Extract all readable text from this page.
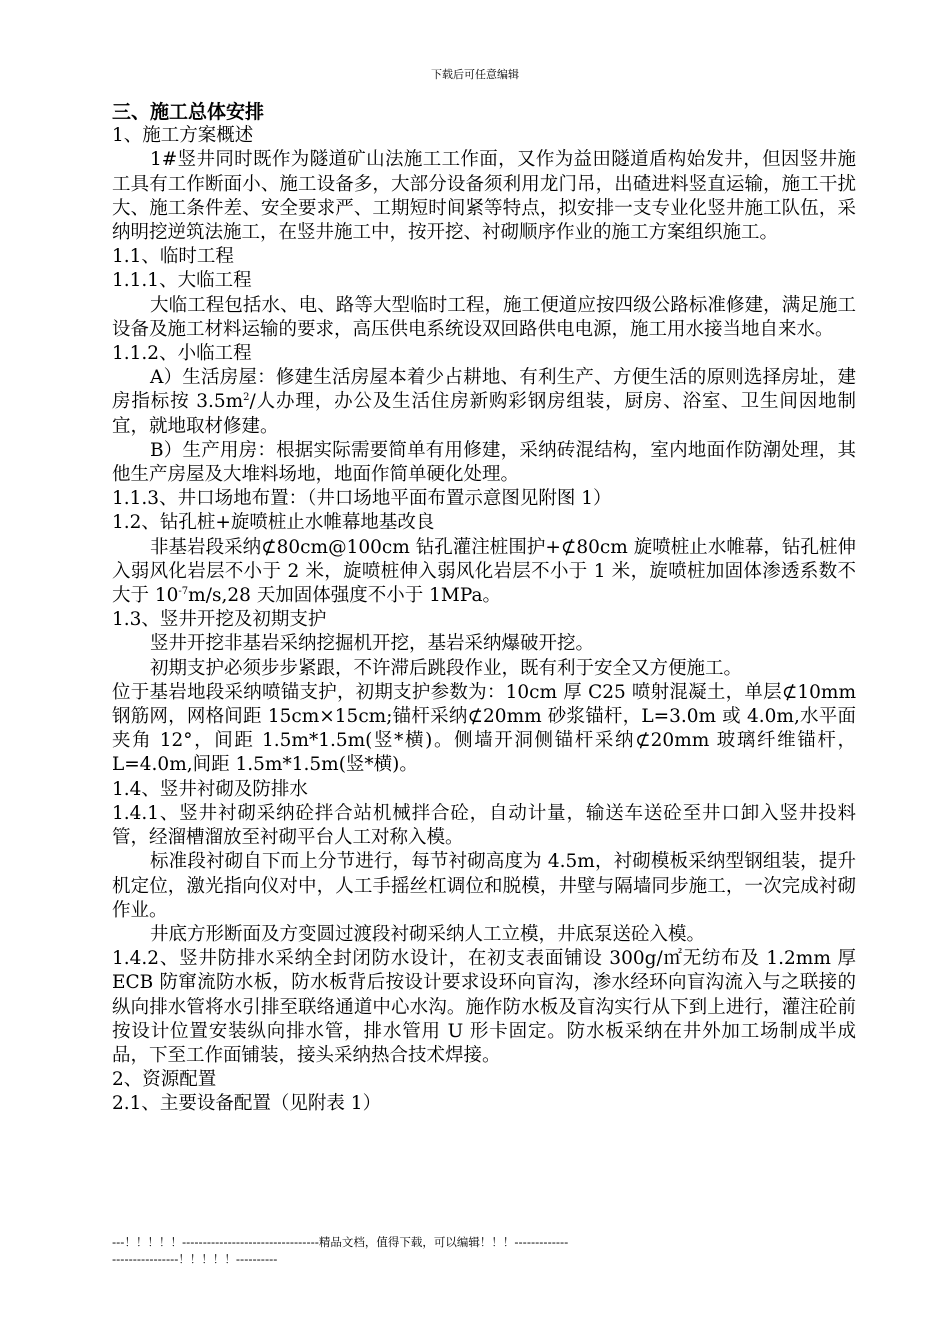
下载后可任意编辑

三、施工总体安排

1、施工方案概述

1#竖井同时既作为隧道矿山法施工工作面，又作为益田隧道盾构始发井，但因竖井施工具有工作断面小、施工设备多，大部分设备须利用龙门吊，出碴进料竖直运输，施工干扰大、施工条件差、安全要求严、工期短时间紧等特点，拟安排一支专业化竖井施工队伍，采纳明挖逆筑法施工，在竖井施工中，按开挖、衬砌顺序作业的施工方案组织施工。

1.1、临时工程

1.1.1、大临工程

大临工程包括水、电、路等大型临时工程，施工便道应按四级公路标准修建，满足施工设备及施工材料运输的要求，高压供电系统设双回路供电电源，施工用水接当地自来水。

1.1.2、小临工程

A）生活房屋：修建生活房屋本着少占耕地、有利生产、方便生活的原则选择房址，建房指标按 $3.5m^2/$人办理，办公及生活住房新购彩钢房组装，厨房、浴室、卫生间因地制宜，就地取材修建。

B）生产用房：根据实际需要简单有用修建，采纳砖混结构，室内地面作防潮处理，其他生产房屋及大堆料场地，地面作简单硬化处理。

1.1.3、井口场地布置：（井口场地平面布置示意图见附图 1）

1.2、钻孔桩+旋喷桩止水帷幕地基改良

非基岩段采纳⊄80cm@100cm 钻孔灌注桩围护+⊄80cm 旋喷桩止水帷幕，钻孔桩伸入弱风化岩层不小于 2 米，旋喷桩伸入弱风化岩层不小于 1 米，旋喷桩加固体渗透系数不大于 $10^{-7}m/s,28$ 天加固体强度不小于 1MPa。

1.3、竖井开挖及初期支护

竖井开挖非基岩采纳挖掘机开挖，基岩采纳爆破开挖。

初期支护必须步步紧跟，不许滞后跳段作业，既有利于安全又方便施工。

位于基岩地段采纳喷锚支护，初期支护参数为：10cm 厚 C25 喷射混凝土，单层⊄10mm 钢筋网，网格间距 15cm×15cm;锚杆采纳⊄20mm 砂浆锚杆，L=3.0m 或 4.0m,水平面夹角 12°，间距 1.5m*1.5m(竖*横)。侧墙开洞侧锚杆采纳⊄20mm 玻璃纤维锚杆，L=4.0m,间距 1.5m*1.5m(竖*横)。

1.4、竖井衬砌及防排水

1.4.1、竖井衬砌采纳砼拌合站机械拌合砼，自动计量，输送车送砼至井口卸入竖井投料管，经溜槽溜放至衬砌平台人工对称入模。

标准段衬砌自下而上分节进行，每节衬砌高度为 4.5m，衬砌模板采纳型钢组装，提升机定位，激光指向仪对中，人工手摇丝杠调位和脱模，井壁与隔墙同步施工，一次完成衬砌作业。

井底方形断面及方变圆过渡段衬砌采纳人工立模，井底泵送砼入模。

1.4.2、竖井防排水采纳全封闭防水设计，在初支表面铺设 300g/㎡无纺布及 1.2mm 厚 ECB 防窜流防水板，防水板背后按设计要求设环向盲沟，渗水经环向盲沟流入与之联接的纵向排水管将水引排至联络通道中心水沟。施作防水板及盲沟实行从下到上进行，灌注砼前按设计位置安装纵向排水管，排水管用 U 形卡固定。防水板采纳在井外加工场制成半成品，下至工作面铺装，接头采纳热合技术焊接。

2、资源配置

2.1、主要设备配置（见附表 1）

---！！！！！---------------------------------精品文档，值得下载，可以编辑！！！-----------------------------！！！！！----------
